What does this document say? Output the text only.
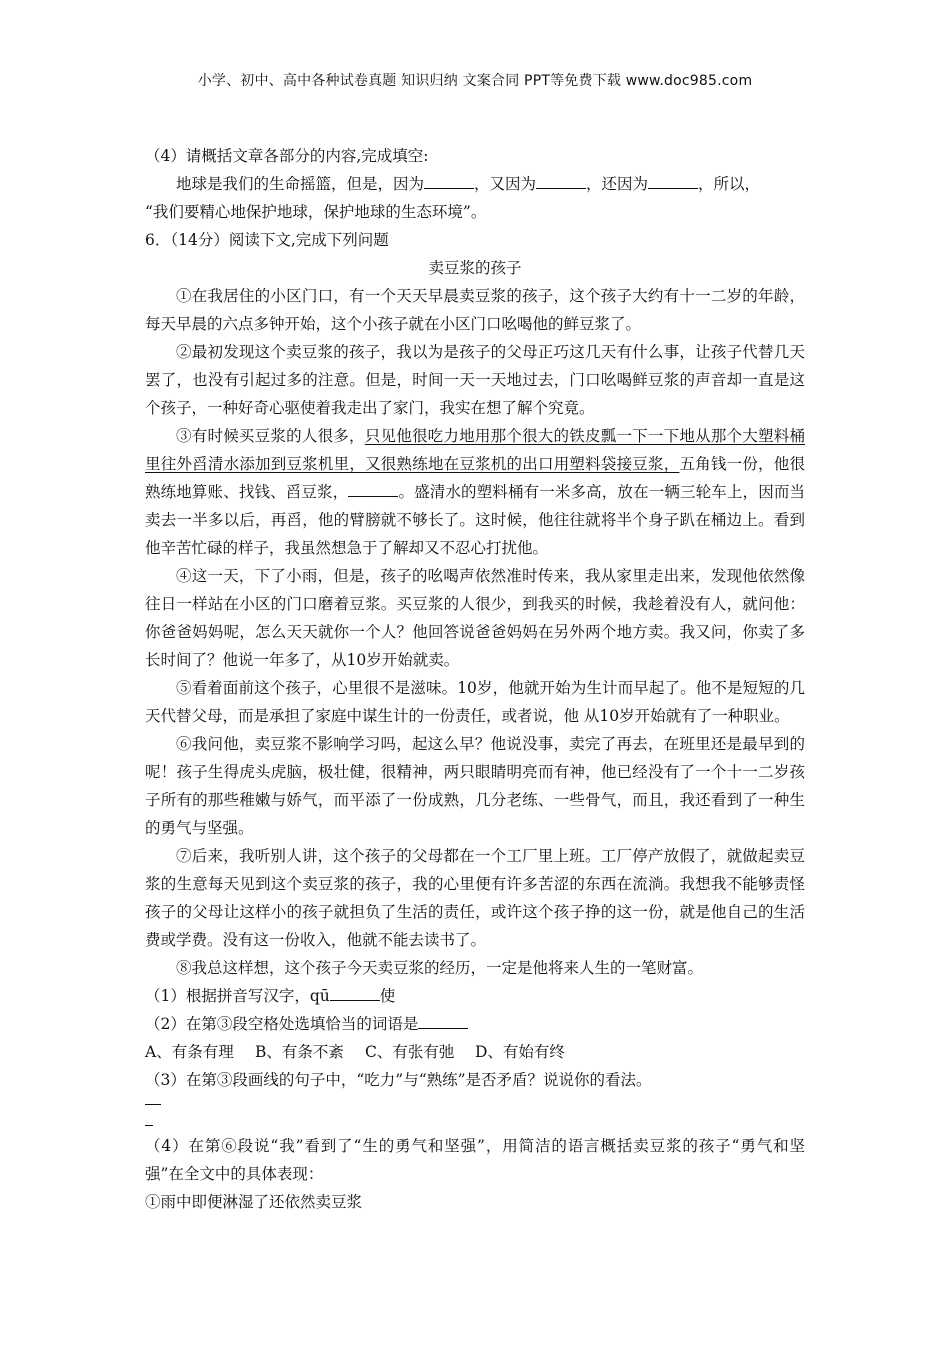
小学、初中、高中各种试卷真题 知识归纳 文案合同 PPT等免费下载 www.doc985.com

（4）请概括文章各部分的内容,完成填空:

地球是我们的生命摇篮，但是，因为	，又因为	，还因为	，所以，

“我们要精心地保护地球，保护地球的生态环境”。

6．（14分）阅读下文,完成下列问题

卖豆浆的孩子

①在我居住的小区门口，有一个天天早晨卖豆浆的孩子，这个孩子大约有十一二岁的年龄，每天早晨的六点多钟开始，这个小孩子就在小区门口吆喝他的鲜豆浆了。

②最初发现这个卖豆浆的孩子，我以为是孩子的父母正巧这几天有什么事，让孩子代替几天罢了，也没有引起过多的注意。但是，时间一天一天地过去，门口吆喝鲜豆浆的声音却一直是这个孩子，一种好奇心驱使着我走出了家门，我实在想了解个究竟。

③有时候买豆浆的人很多，只见他很吃力地用那个很大的铁皮瓢一下一下地从那个大塑料桶里往外舀清水添加到豆浆机里，又很熟练地在豆浆机的出口用塑料袋接豆浆，五角钱一份，他很熟练地算账、找钱、舀豆浆，	。盛清水的塑料桶有一米多高，放在一辆三轮车上，因而当卖去一半多以后，再舀，他的臂膀就不够长了。这时候，他往往就将半个身子趴在桶边上。看到他辛苦忙碌的样子，我虽然想急于了解却又不忍心打扰他。

④这一天，下了小雨，但是，孩子的吆喝声依然准时传来，我从家里走出来，发现他依然像往日一样站在小区的门口磨着豆浆。买豆浆的人很少，到我买的时候，我趁着没有人，就问他：你爸爸妈妈呢，怎么天天就你一个人？他回答说爸爸妈妈在另外两个地方卖。我又问，你卖了多长时间了？他说一年多了，从10岁开始就卖。

⑤看着面前这个孩子，心里很不是滋味。10岁，他就开始为生计而早起了。他不是短短的几天代替父母，而是承担了家庭中谋生计的一份责任，或者说，他 从10岁开始就有了一种职业。

⑥我问他，卖豆浆不影响学习吗，起这么早？他说没事，卖完了再去，在班里还是最早到的呢！孩子生得虎头虎脑，极壮健，很精神，两只眼睛明亮而有神，他已经没有了一个十一二岁孩子所有的那些稚嫩与娇气，而平添了一份成熟，几分老练、一些骨气，而且，我还看到了一种生的勇气与坚强。

⑦后来，我听别人讲，这个孩子的父母都在一个工厂里上班。工厂停产放假了，就做起卖豆浆的生意每天见到这个卖豆浆的孩子，我的心里便有许多苦涩的东西在流淌。我想我不能够责怪孩子的父母让这样小的孩子就担负了生活的责任，或许这个孩子挣的这一份，就是他自己的生活费或学费。没有这一份收入，他就不能去读书了。

⑧我总这样想，这个孩子今天卖豆浆的经历，一定是他将来人生的一笔财富。

（1）根据拼音写汉字，qū	使

（2）在第③段空格处选填恰当的词语是

A、有条有理	B、有条不紊	C、有张有弛	D、有始有终

（3）在第③段画线的句子中，“吃力”与“熟练”是否矛盾？说说你的看法。

（4）在第⑥段说“我”看到了“生的勇气和坚强”，用简洁的语言概括卖豆浆的孩子“勇气和坚强”在全文中的具体表现：

①雨中即便淋湿了还依然卖豆浆
